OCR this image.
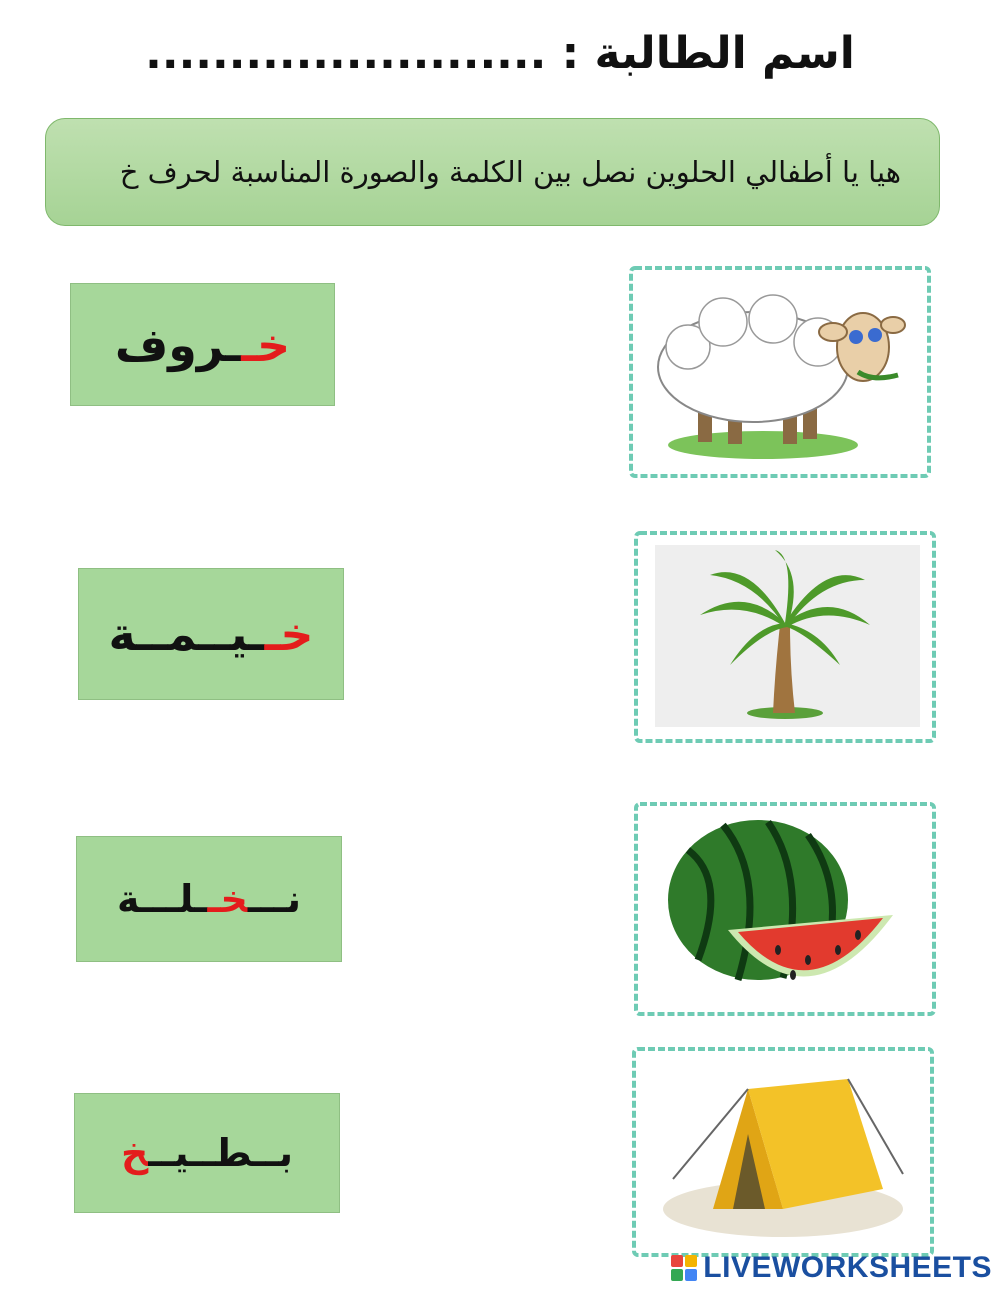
اسم الطالبة : ........................
هيا يا أطفالي الحلوين نصل بين الكلمة والصورة المناسبة لحرف خ
خــروف
خــيــمــة
نـــخــلـــة
بــطــيــخ
LIVEWORKSHEETS
